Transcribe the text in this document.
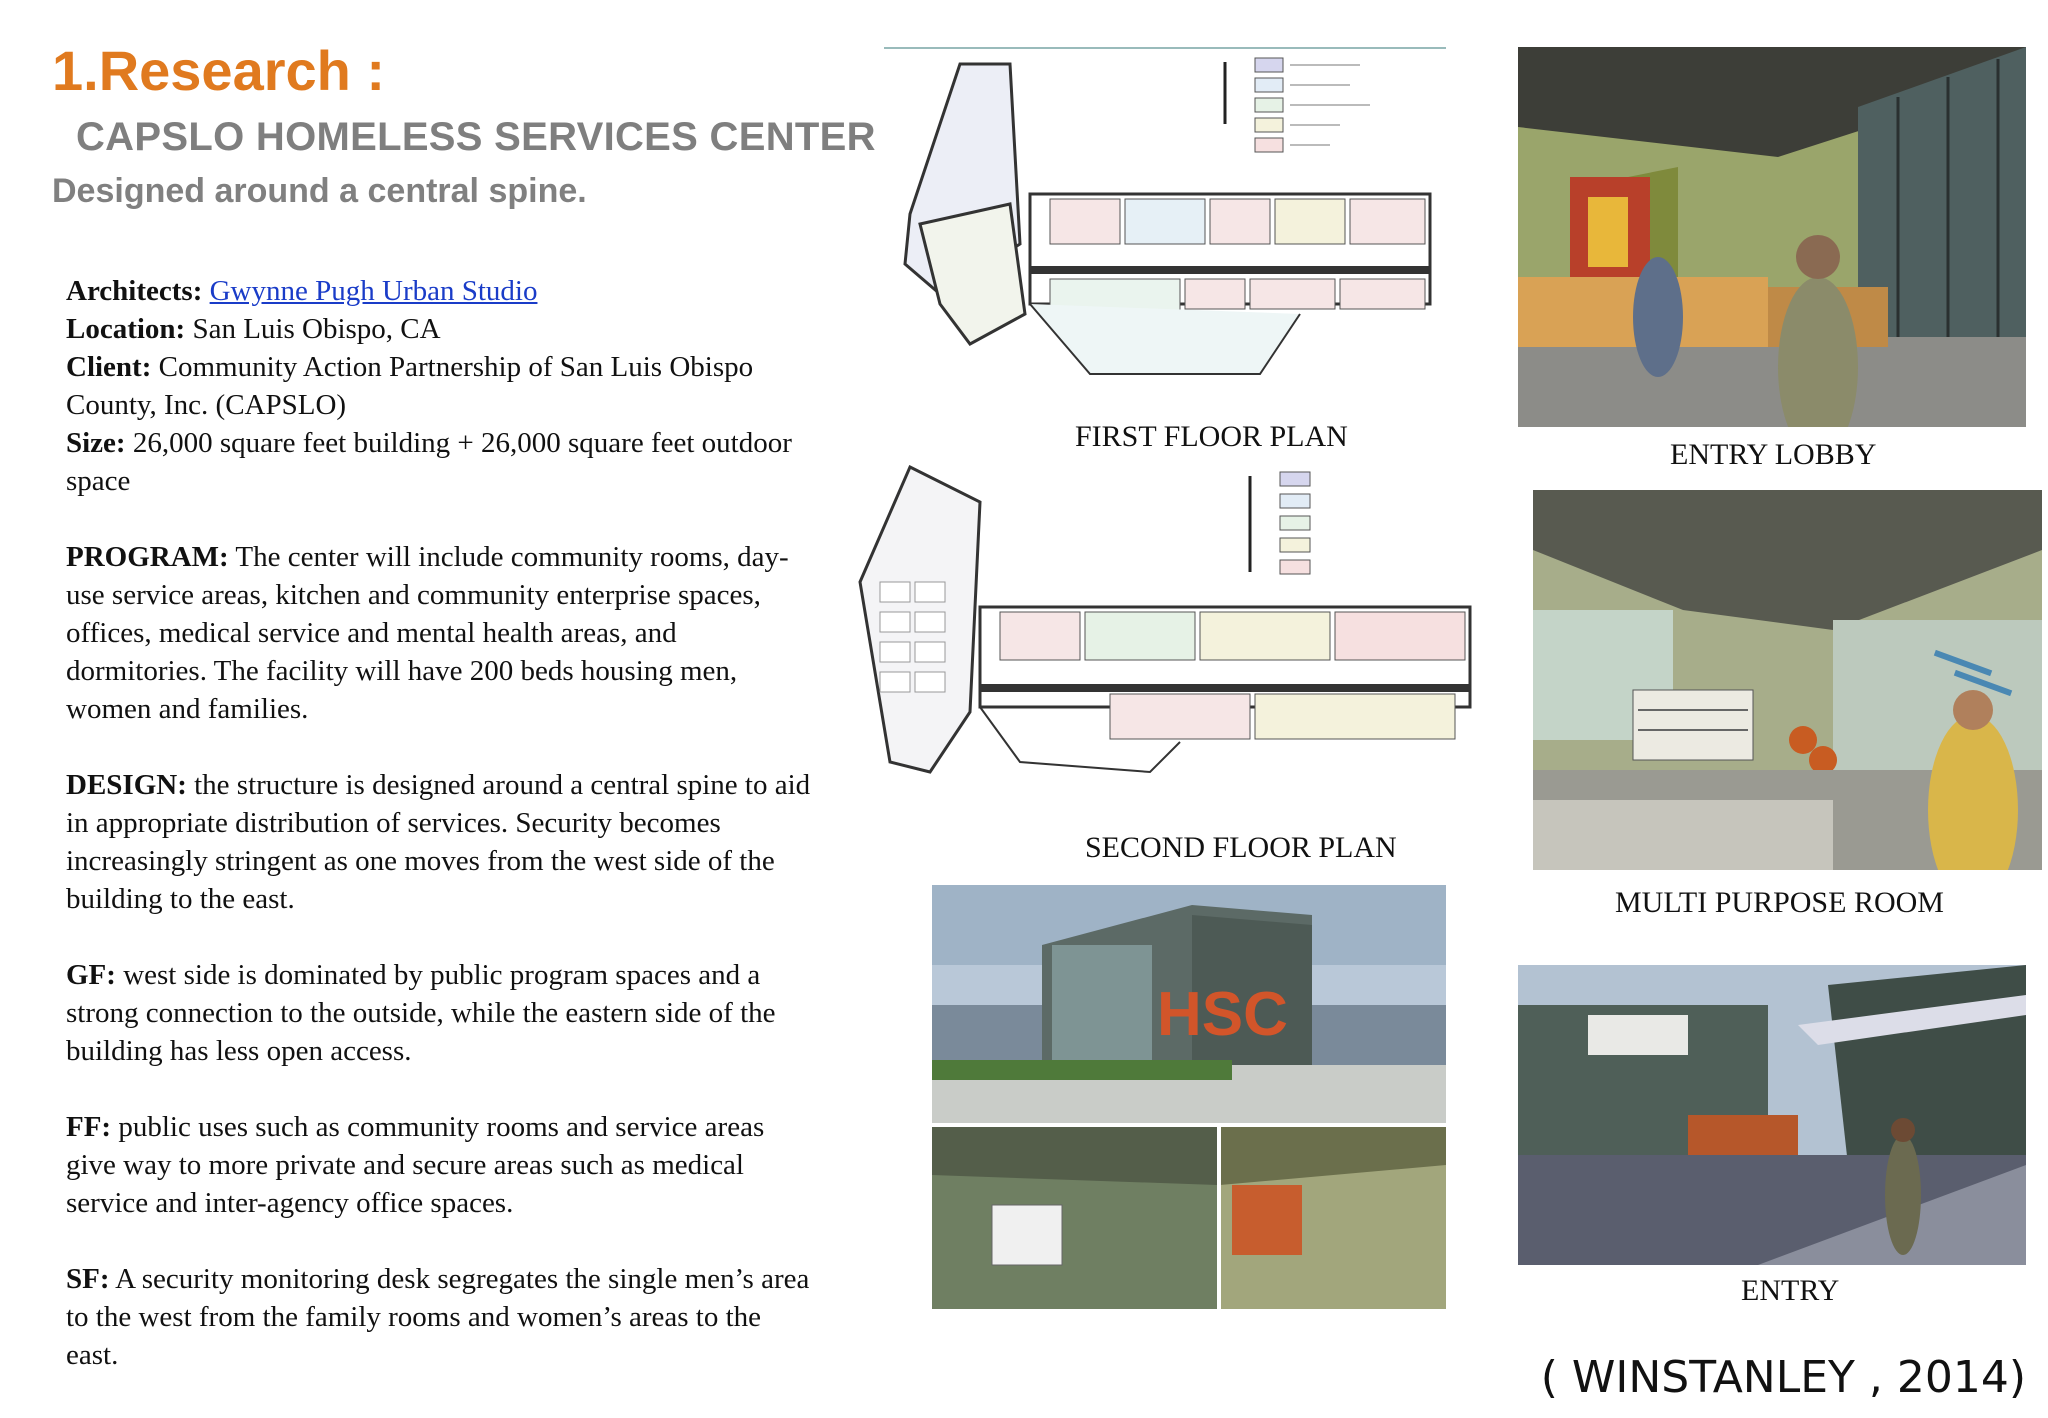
1.Research :
CAPSLO HOMELESS SERVICES CENTER
Designed around a central spine.

Architects: Gwynne Pugh Urban Studio
Location: San Luis Obispo, CA
Client: Community Action Partnership of San Luis Obispo County, Inc. (CAPSLO)
Size: 26,000 square feet building + 26,000 square feet outdoor space

PROGRAM: The center will include community rooms, day-use service areas, kitchen and community enterprise spaces, offices, medical service and mental health areas, and dormitories. The facility will have 200 beds housing men, women and families.

DESIGN: the structure is designed around a central spine to aid in appropriate distribution of services. Security becomes increasingly stringent as one moves from the west side of the building to the east.

GF: west side is dominated by public program spaces and a strong connection to the outside, while the eastern side of the building has less open access.

FF: public uses such as community rooms and service areas give way to more private and secure areas such as medical service and inter-agency office spaces.

SF: A security monitoring desk segregates the single men’s area to the west from the family rooms and women’s areas to the east.

FIRST FLOOR PLAN
SECOND FLOOR PLAN
HSC
ENTRY LOBBY
MULTI PURPOSE ROOM
ENTRY
( WINSTANLEY , 2014)
